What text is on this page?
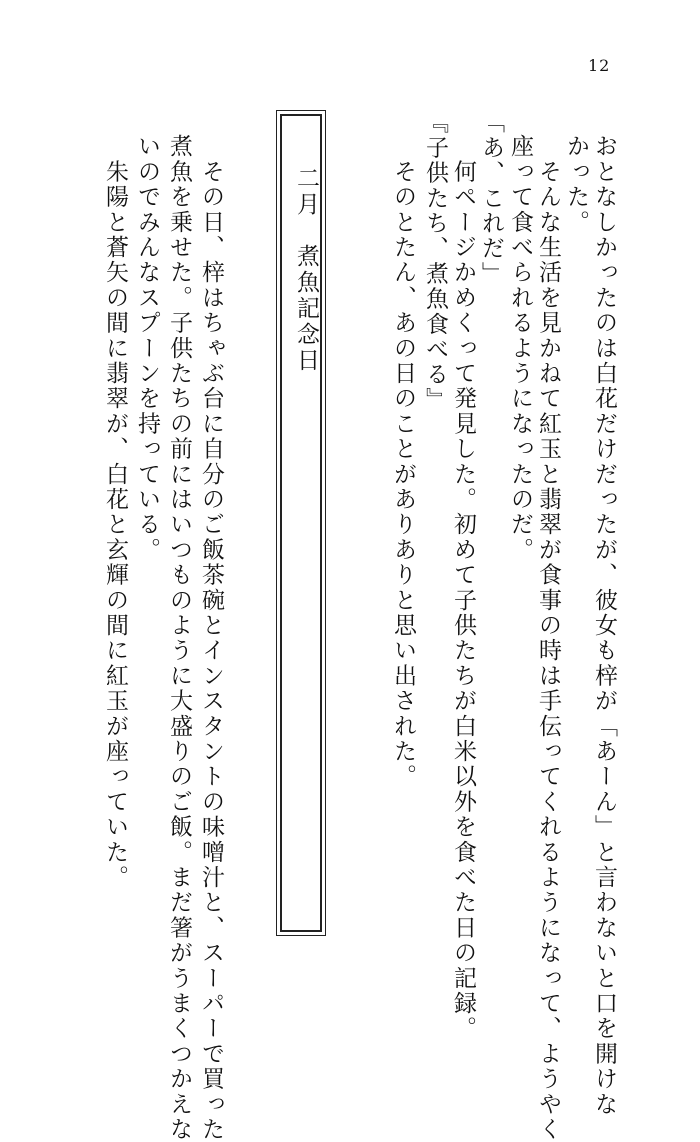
12
おとなしかったのは白花だけだったが、彼女も梓が「あーん」と言わないと口を開けな
かった。
　そんな生活を見かねて紅玉と翡翠が食事の時は手伝ってくれるようになって、ようやく
座って食べられるようになったのだ。
「あ、これだ」
　何ページかめくって発見した。初めて子供たちが白米以外を食べた日の記録。
『子供たち、煮魚食べる』
　そのとたん、あの日のことがありありと思い出された。
二月　煮魚記念日
　その日、梓はちゃぶ台に自分のご飯茶碗とインスタントの味噌汁と、スーパーで買った
煮魚を乗せた。子供たちの前にはいつものように大盛りのご飯。まだ箸がうまくつかえな
いのでみんなスプーンを持っている。
　朱陽と蒼矢の間に翡翠が、白花と玄輝の間に紅玉が座っていた。
